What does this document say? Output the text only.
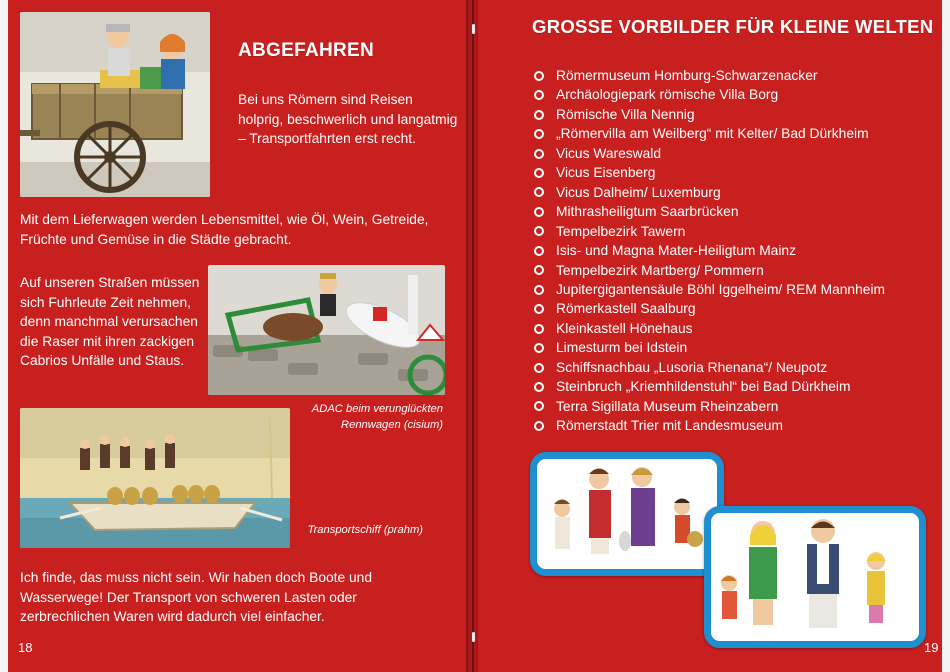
ABGEFAHREN

Bei uns Römern sind Reisen holprig, beschwerlich und langatmig – Transportfahrten erst recht.

Mit dem Lieferwagen werden Lebensmittel, wie Öl, Wein, Getreide, Früchte und Gemüse in die Städte gebracht.

Auf unseren Straßen müssen sich Fuhrleute Zeit nehmen, denn manchmal verursachen die Raser mit ihren zackigen Cabrios Unfälle und Staus.

ADAC beim verunglückten Rennwagen (cisium)

Transportschiff (prahm)

Ich finde, das muss nicht sein. Wir haben doch Boote und Wasserwege! Der Transport von schweren Lasten oder zerbrechlichen Waren wird dadurch viel einfacher.

18
GROSSE VORBILDER FÜR KLEINE WELTEN
Römermuseum Homburg-Schwarzenacker
Archäologiepark römische Villa Borg
Römische Villa Nennig
„Römervilla am Weilberg“ mit Kelter/ Bad Dürkheim
Vicus Wareswald
Vicus Eisenberg
Vicus Dalheim/ Luxemburg
Mithrasheiligtum Saarbrücken
Tempelbezirk Tawern
Isis- und Magna Mater-Heiligtum Mainz
Tempelbezirk Martberg/ Pommern
Jupitergigantensäule Böhl Iggelheim/ REM Mannheim
Römerkastell Saalburg
Kleinkastell Hönehaus
Limesturm bei Idstein
Schiffsnachbau „Lusoria Rhenana“/ Neupotz
Steinbruch „Kriemhildenstuhl“ bei Bad Dürkheim
Terra Sigillata Museum Rheinzabern
Römerstadt Trier mit Landesmuseum
19
